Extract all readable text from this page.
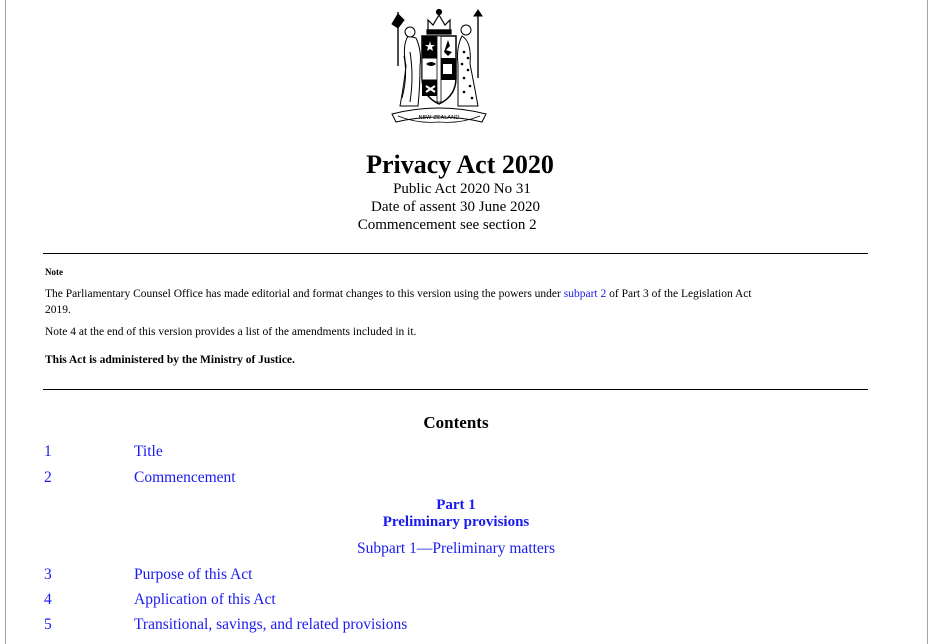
NEW ZEALAND
Privacy Act 2020
Public Act 2020 No 31
Date of assent 30 June 2020
Commencement see section 2
Note
The Parliamentary Counsel Office has made editorial and format changes to this version using the powers under subpart 2 of Part 3 of the Legislation Act
2019.
Note 4 at the end of this version provides a list of the amendments included in it.
This Act is administered by the Ministry of Justice.
Contents
1	Title
2	Commencement
Part 1
Preliminary provisions
Subpart 1—Preliminary matters
3	Purpose of this Act
4	Application of this Act
5	Transitional, savings, and related provisions
